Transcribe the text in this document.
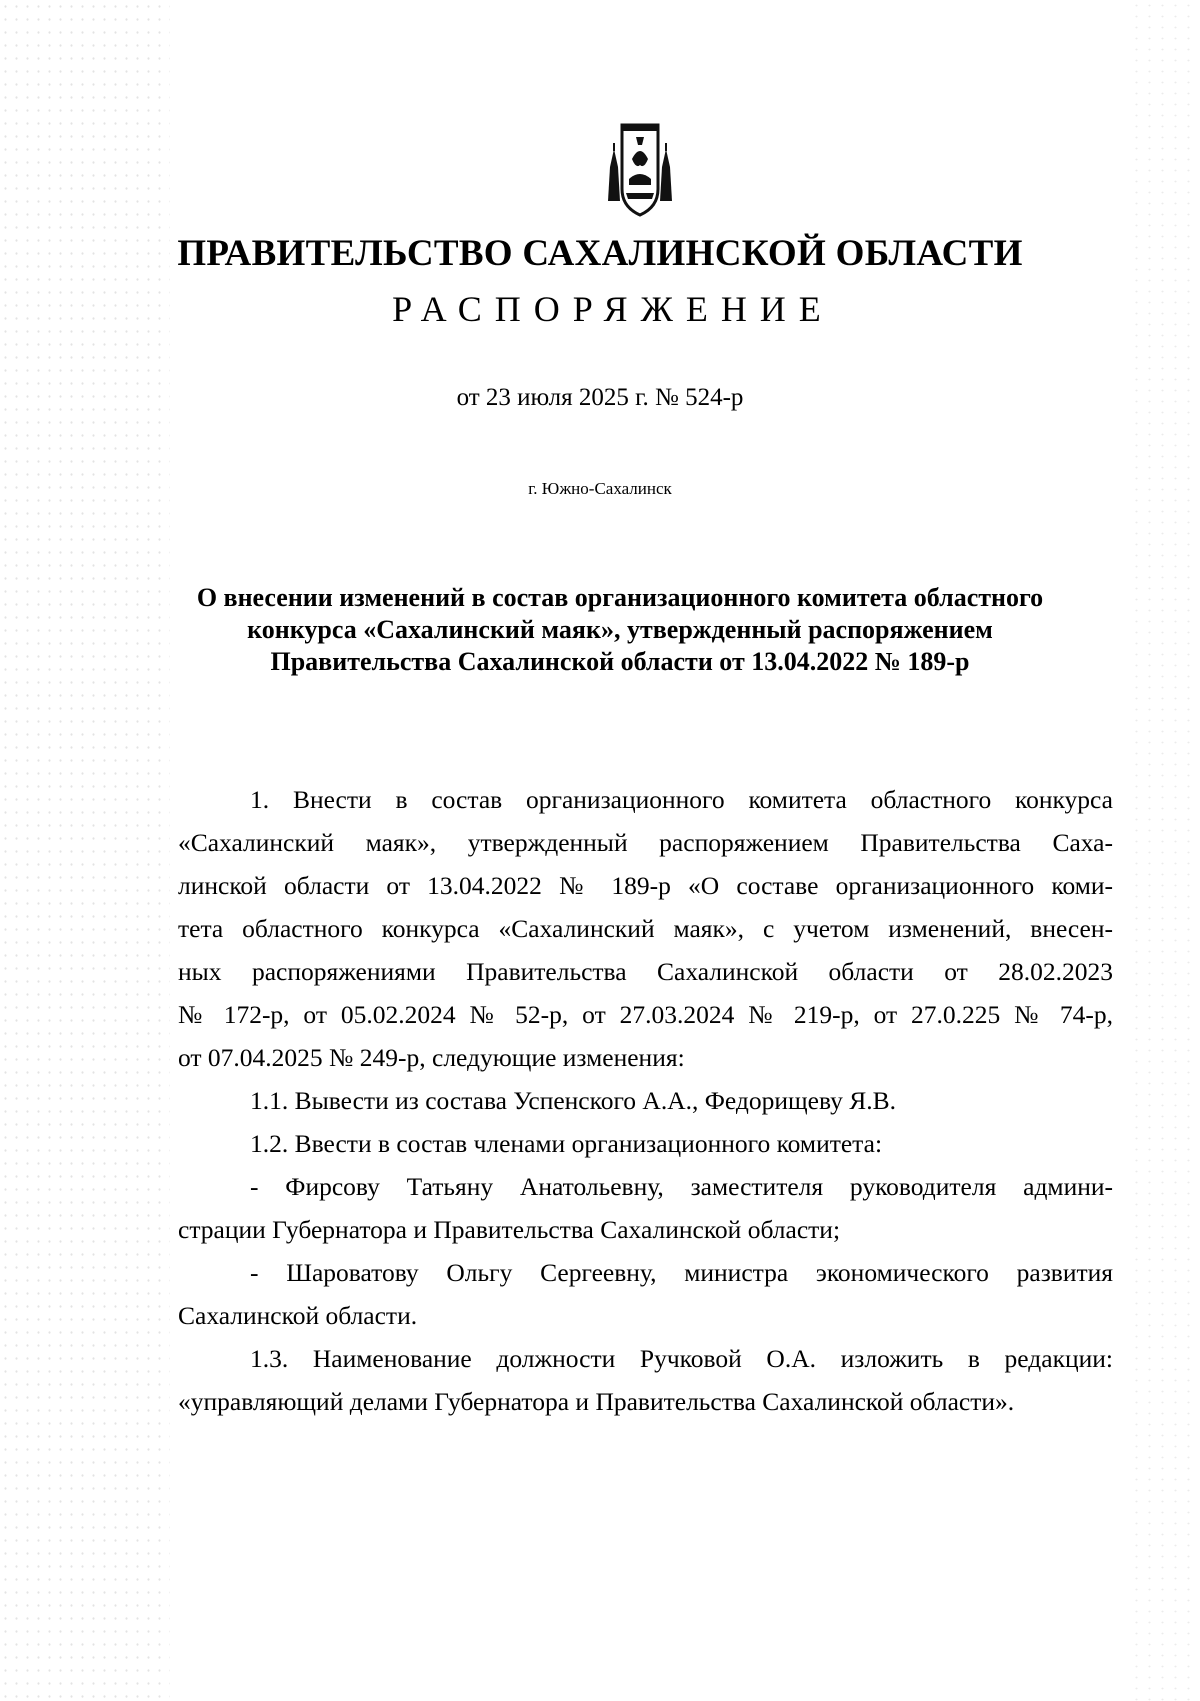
ПРАВИТЕЛЬСТВО САХАЛИНСКОЙ ОБЛАСТИ
РАСПОРЯЖЕНИЕ
от 23 июля 2025 г. № 524-р
г. Южно-Сахалинск
О внесении изменений в состав организационного комитета областного
конкурса «Сахалинский маяк», утвержденный распоряжением
Правительства Сахалинской области от 13.04.2022 № 189-р
1. Внести в состав организационного комитета областного конкурса
«Сахалинский маяк», утвержденный распоряжением Правительства Саха-
линской области от 13.04.2022 № 189-р «О составе организационного коми-
тета областного конкурса «Сахалинский маяк», с учетом изменений, внесен-
ных распоряжениями Правительства Сахалинской области от 28.02.2023
№ 172-р, от 05.02.2024 № 52-р, от 27.03.2024 № 219-р, от 27.0.225 № 74-р,
от 07.04.2025 № 249-р, следующие изменения:
1.1. Вывести из состава Успенского А.А., Федорищеву Я.В.
1.2. Ввести в состав членами организационного комитета:
- Фирсову Татьяну Анатольевну, заместителя руководителя админи-
страции Губернатора и Правительства Сахалинской области;
- Шароватову Ольгу Сергеевну, министра экономического развития
Сахалинской области.
1.3. Наименование должности Ручковой О.А. изложить в редакции:
«управляющий делами Губернатора и Правительства Сахалинской области».
